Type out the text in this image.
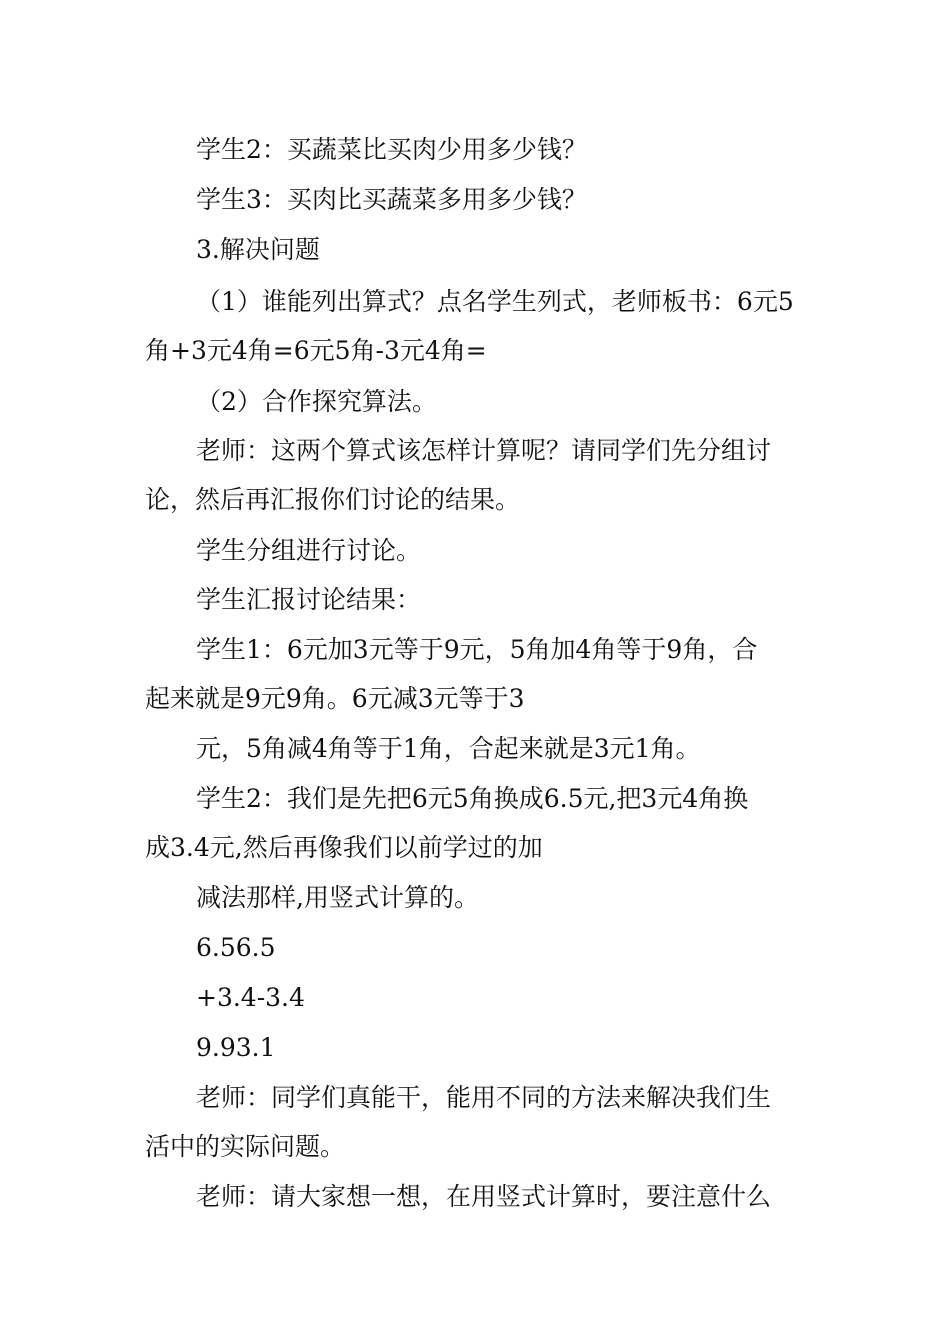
学生2：买蔬菜比买肉少用多少钱？
学生3：买肉比买蔬菜多用多少钱？
3.解决问题
（1）谁能列出算式？点名学生列式，老师板书：6元5
角+3元4角=6元5角-3元4角=
（2）合作探究算法。
老师：这两个算式该怎样计算呢？请同学们先分组讨
论，然后再汇报你们讨论的结果。
学生分组进行讨论。
学生汇报讨论结果：
学生1：6元加3元等于9元，5角加4角等于9角，合
起来就是9元9角。6元减3元等于3
元，5角减4角等于1角，合起来就是3元1角。
学生2：我们是先把6元5角换成6.5元,把3元4角换
成3.4元,然后再像我们以前学过的加
减法那样,用竖式计算的。
6.56.5
+3.4-3.4
9.93.1
老师：同学们真能干，能用不同的方法来解决我们生
活中的实际问题。
老师：请大家想一想，在用竖式计算时，要注意什么
